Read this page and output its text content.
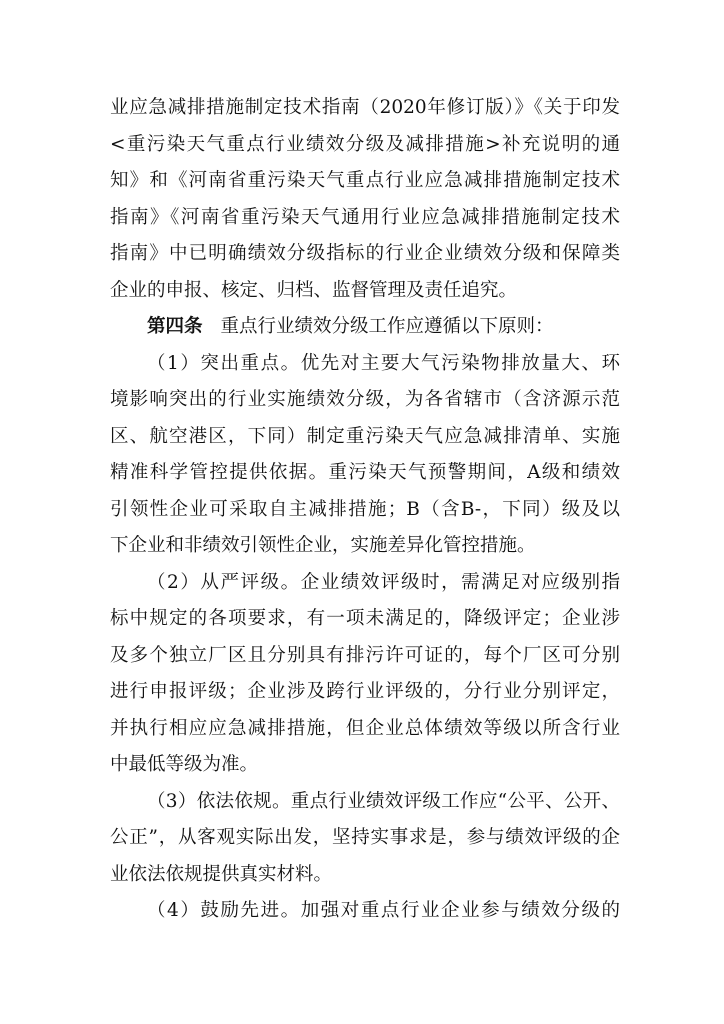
业应急减排措施制定技术指南（2020年修订版）》《关于印发
<重污染天气重点行业绩效分级及减排措施>补充说明的通
知》和《河南省重污染天气重点行业应急减排措施制定技术
指南》《河南省重污染天气通用行业应急减排措施制定技术
指南》中已明确绩效分级指标的行业企业绩效分级和保障类
企业的申报、核定、归档、监督管理及责任追究。
第四条 重点行业绩效分级工作应遵循以下原则：
（1）突出重点。优先对主要大气污染物排放量大、环
境影响突出的行业实施绩效分级，为各省辖市（含济源示范
区、航空港区，下同）制定重污染天气应急减排清单、实施
精准科学管控提供依据。重污染天气预警期间，A级和绩效
引领性企业可采取自主减排措施；B（含B-，下同）级及以
下企业和非绩效引领性企业，实施差异化管控措施。
（2）从严评级。企业绩效评级时，需满足对应级别指
标中规定的各项要求，有一项未满足的，降级评定；企业涉
及多个独立厂区且分别具有排污许可证的，每个厂区可分别
进行申报评级；企业涉及跨行业评级的，分行业分别评定，
并执行相应应急减排措施，但企业总体绩效等级以所含行业
中最低等级为准。
（3）依法依规。重点行业绩效评级工作应“公平、公开、
公正”，从客观实际出发，坚持实事求是，参与绩效评级的企
业依法依规提供真实材料。
（4）鼓励先进。加强对重点行业企业参与绩效分级的
